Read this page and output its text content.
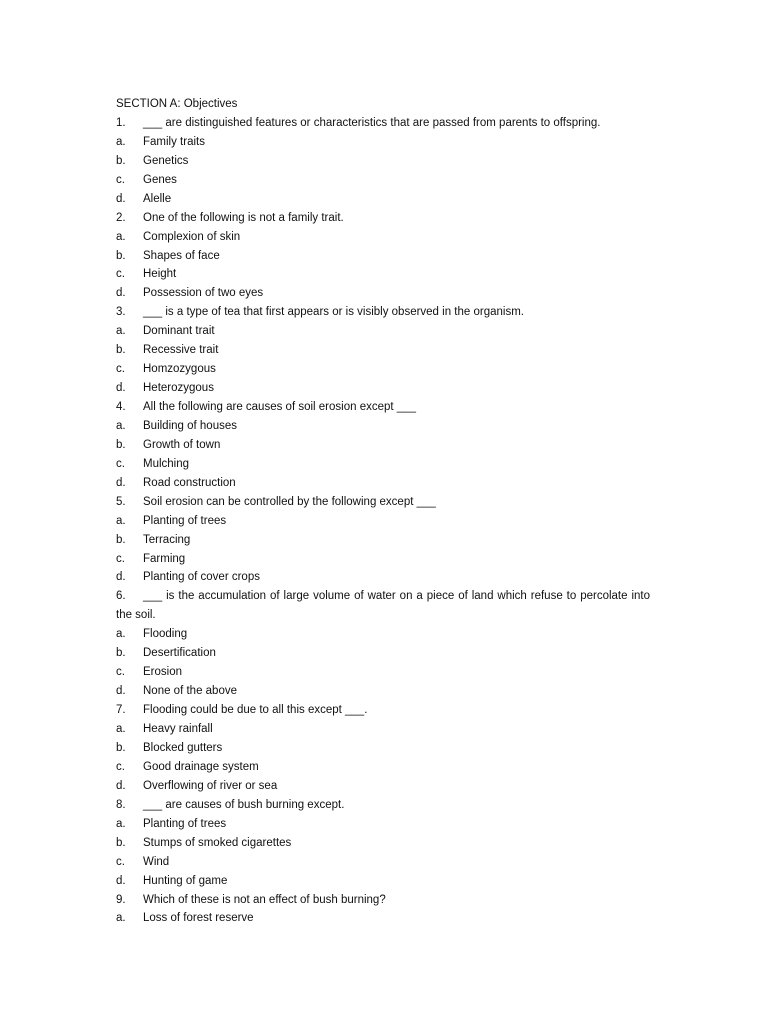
SECTION A: Objectives
1. ___ are distinguished features or characteristics that are passed from parents to offspring.
a. Family traits
b. Genetics
c. Genes
d. Alelle
2. One of the following is not a family trait.
a. Complexion of skin
b. Shapes of face
c. Height
d. Possession of two eyes
3. ___ is a type of tea that first appears or is visibly observed in the organism.
a. Dominant trait
b. Recessive trait
c. Homzozygous
d. Heterozygous
4. All the following are causes of soil erosion except ___
a. Building of houses
b. Growth of town
c. Mulching
d. Road construction
5. Soil erosion can be controlled by the following except ___
a. Planting of trees
b. Terracing
c. Farming
d. Planting of cover crops
6.	___ is the accumulation of large volume of water on a piece of land which refuse to percolate into the soil.
a. Flooding
b. Desertification
c. Erosion
d. None of the above
7. Flooding could be due to all this except ___.
a. Heavy rainfall
b. Blocked gutters
c. Good drainage system
d. Overflowing of river or sea
8. ___ are causes of bush burning except.
a. Planting of trees
b. Stumps of smoked cigarettes
c. Wind
d. Hunting of game
9. Which of these is not an effect of bush burning?
a. Loss of forest reserve
